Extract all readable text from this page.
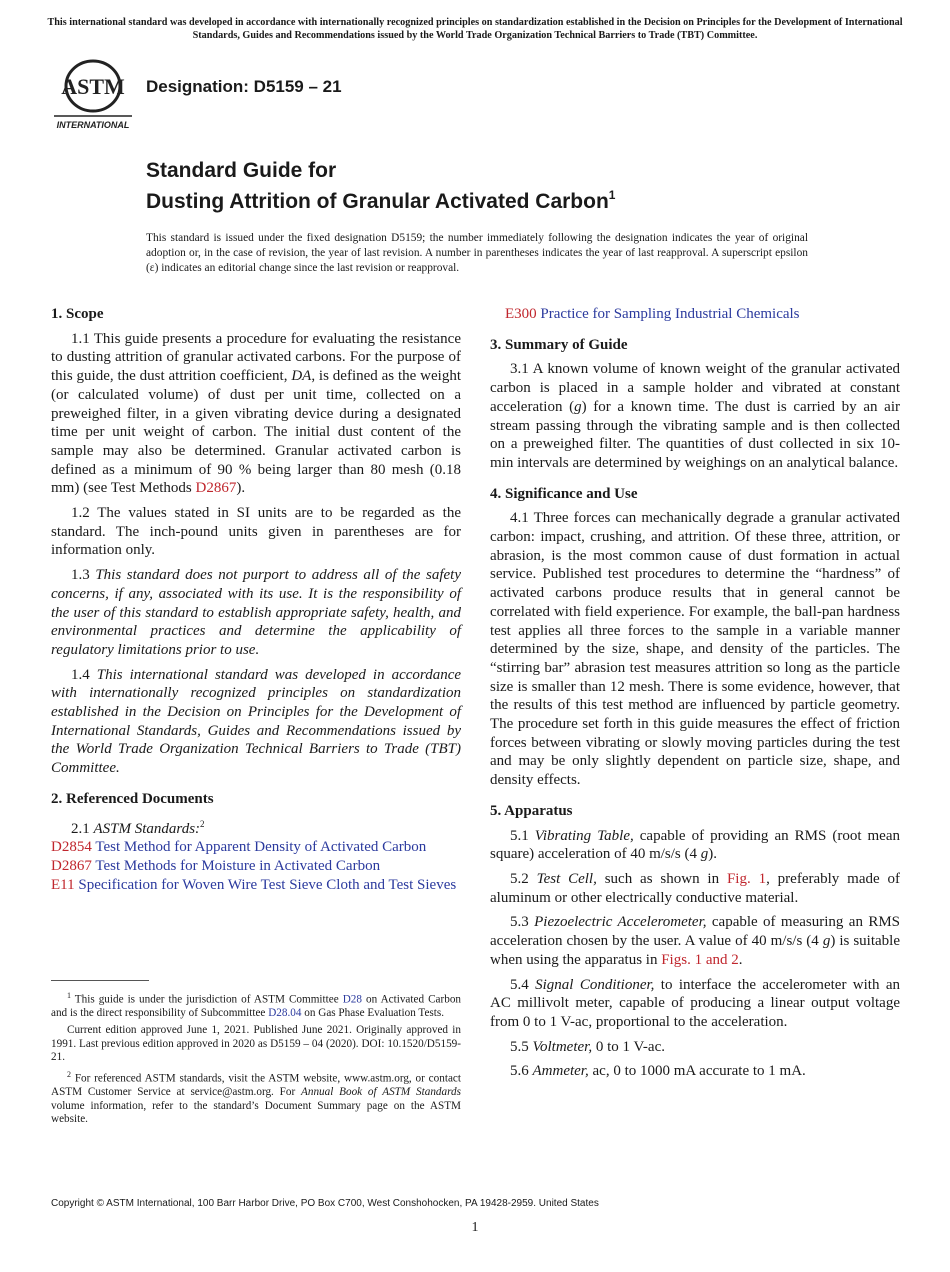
This international standard was developed in accordance with internationally recognized principles on standardization established in the Decision on Principles for the Development of International Standards, Guides and Recommendations issued by the World Trade Organization Technical Barriers to Trade (TBT) Committee.
ASTM
INTERNATIONAL
Designation: D5159 – 21
Standard Guide for
Dusting Attrition of Granular Activated Carbon$^1$
This standard is issued under the fixed designation D5159; the number immediately following the designation indicates the year of original adoption or, in the case of revision, the year of last revision. A number in parentheses indicates the year of last reapproval. A superscript epsilon (ε) indicates an editorial change since the last revision or reapproval.
1. Scope

1.1 This guide presents a procedure for evaluating the resistance to dusting attrition of granular activated carbons. For the purpose of this guide, the dust attrition coefficient, DA, is defined as the weight (or calculated volume) of dust per unit time, collected on a preweighed filter, in a given vibrating device during a designated time per unit weight of carbon. The initial dust content of the sample may also be determined. Granular activated carbon is defined as a minimum of 90 % being larger than 80 mesh (0.18 mm) (see Test Methods D2867).

1.2 The values stated in SI units are to be regarded as the standard. The inch-pound units given in parentheses are for information only.

1.3 This standard does not purport to address all of the safety concerns, if any, associated with its use. It is the responsibility of the user of this standard to establish appropriate safety, health, and environmental practices and determine the applicability of regulatory limitations prior to use.

1.4 This international standard was developed in accordance with internationally recognized principles on standardization established in the Decision on Principles for the Development of International Standards, Guides and Recommendations issued by the World Trade Organization Technical Barriers to Trade (TBT) Committee.

2. Referenced Documents

2.1 ASTM Standards:$^2$

D2854 Test Method for Apparent Density of Activated Carbon
D2867 Test Methods for Moisture in Activated Carbon
E11 Specification for Woven Wire Test Sieve Cloth and Test Sieves

$^1$ This guide is under the jurisdiction of ASTM Committee D28 on Activated Carbon and is the direct responsibility of Subcommittee D28.04 on Gas Phase Evaluation Tests.

Current edition approved June 1, 2021. Published June 2021. Originally approved in 1991. Last previous edition approved in 2020 as D5159 – 04 (2020). DOI: 10.1520/D5159-21.

$^2$ For referenced ASTM standards, visit the ASTM website, www.astm.org, or contact ASTM Customer Service at service@astm.org. For Annual Book of ASTM Standards volume information, refer to the standard’s Document Summary page on the ASTM website.

E300 Practice for Sampling Industrial Chemicals
3. Summary of Guide

3.1 A known volume of known weight of the granular activated carbon is placed in a sample holder and vibrated at constant acceleration (g) for a known time. The dust is carried by an air stream passing through the vibrating sample and is then collected on a preweighed filter. The quantities of dust collected in six 10-min intervals are determined by weighings on an analytical balance.

4. Significance and Use

4.1 Three forces can mechanically degrade a granular activated carbon: impact, crushing, and attrition. Of these three, attrition, or abrasion, is the most common cause of dust formation in actual service. Published test procedures to determine the “hardness” of activated carbons produce results that in general cannot be correlated with field experience. For example, the ball-pan hardness test applies all three forces to the sample in a variable manner determined by the size, shape, and density of the particles. The “stirring bar” abrasion test measures attrition so long as the particle size is smaller than 12 mesh. There is some evidence, however, that the results of this test method are influenced by particle geometry. The procedure set forth in this guide measures the effect of friction forces between vibrating or slowly moving particles during the test and may be only slightly dependent on particle size, shape, and density effects.

5. Apparatus

5.1 Vibrating Table, capable of providing an RMS (root mean square) acceleration of 40 m/s/s (4 g).

5.2 Test Cell, such as shown in Fig. 1, preferably made of aluminum or other electrically conductive material.

5.3 Piezoelectric Accelerometer, capable of measuring an RMS acceleration chosen by the user. A value of 40 m/s/s (4 g) is suitable when using the apparatus in Figs. 1 and 2.

5.4 Signal Conditioner, to interface the accelerometer with an AC millivolt meter, capable of producing a linear output voltage from 0 to 1 V-ac, proportional to the acceleration.

5.5 Voltmeter, 0 to 1 V-ac.

5.6 Ammeter, ac, 0 to 1000 mA accurate to 1 mA.

Copyright © ASTM International, 100 Barr Harbor Drive, PO Box C700, West Conshohocken, PA 19428-2959. United States
1
